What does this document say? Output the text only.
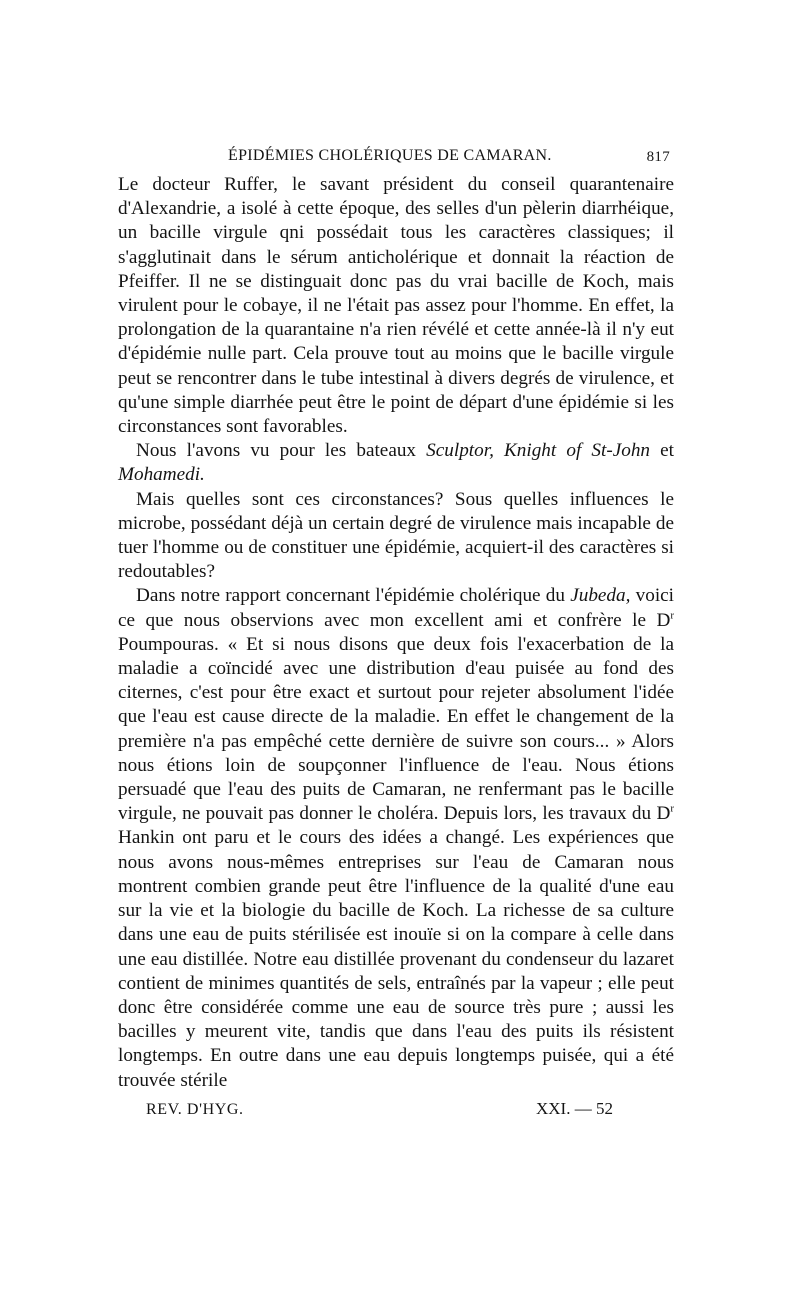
ÉPIDÉMIES CHOLÉRIQUES DE CAMARAN.	817

Le docteur Ruffer, le savant président du conseil quarantenaire d'Alexandrie, a isolé à cette époque, des selles d'un pèlerin diarrhéique, un bacille virgule qni possédait tous les caractères classiques; il s'agglutinait dans le sérum anticholérique et donnait la réaction de Pfeiffer. Il ne se distinguait donc pas du vrai bacille de Koch, mais virulent pour le cobaye, il ne l'était pas assez pour l'homme. En effet, la prolongation de la quarantaine n'a rien révélé et cette année-là il n'y eut d'épidémie nulle part. Cela prouve tout au moins que le bacille virgule peut se rencontrer dans le tube intestinal à divers degrés de virulence, et qu'une simple diarrhée peut être le point de départ d'une épidémie si les circonstances sont favorables.

Nous l'avons vu pour les bateaux Sculptor, Knight of St-John et Mohamedi.

Mais quelles sont ces circonstances? Sous quelles influences le microbe, possédant déjà un certain degré de virulence mais incapable de tuer l'homme ou de constituer une épidémie, acquiert-il des caractères si redoutables?

Dans notre rapport concernant l'épidémie cholérique du Jubeda, voici ce que nous observions avec mon excellent ami et confrère le $D^r$ Poumpouras. « Et si nous disons que deux fois l'exacerbation de la maladie a coïncidé avec une distribution d'eau puisée au fond des citernes, c'est pour être exact et surtout pour rejeter absolument l'idée que l'eau est cause directe de la maladie. En effet le changement de la première n'a pas empêché cette dernière de suivre son cours... » Alors nous étions loin de soupçonner l'influence de l'eau. Nous étions persuadé que l'eau des puits de Camaran, ne renfermant pas le bacille virgule, ne pouvait pas donner le choléra. Depuis lors, les travaux du $D^r$ Hankin ont paru et le cours des idées a changé. Les expériences que nous avons nous-mêmes entreprises sur l'eau de Camaran nous montrent combien grande peut être l'influence de la qualité d'une eau sur la vie et la biologie du bacille de Koch. La richesse de sa culture dans une eau de puits stérilisée est inouïe si on la compare à celle dans une eau distillée. Notre eau distillée provenant du condenseur du lazaret contient de minimes quantités de sels, entraînés par la vapeur ; elle peut donc être considérée comme une eau de source très pure ; aussi les bacilles y meurent vite, tandis que dans l'eau des puits ils résistent longtemps. En outre dans une eau depuis longtemps puisée, qui a été trouvée stérile

REV. D'HYG.	XXI. — 52
